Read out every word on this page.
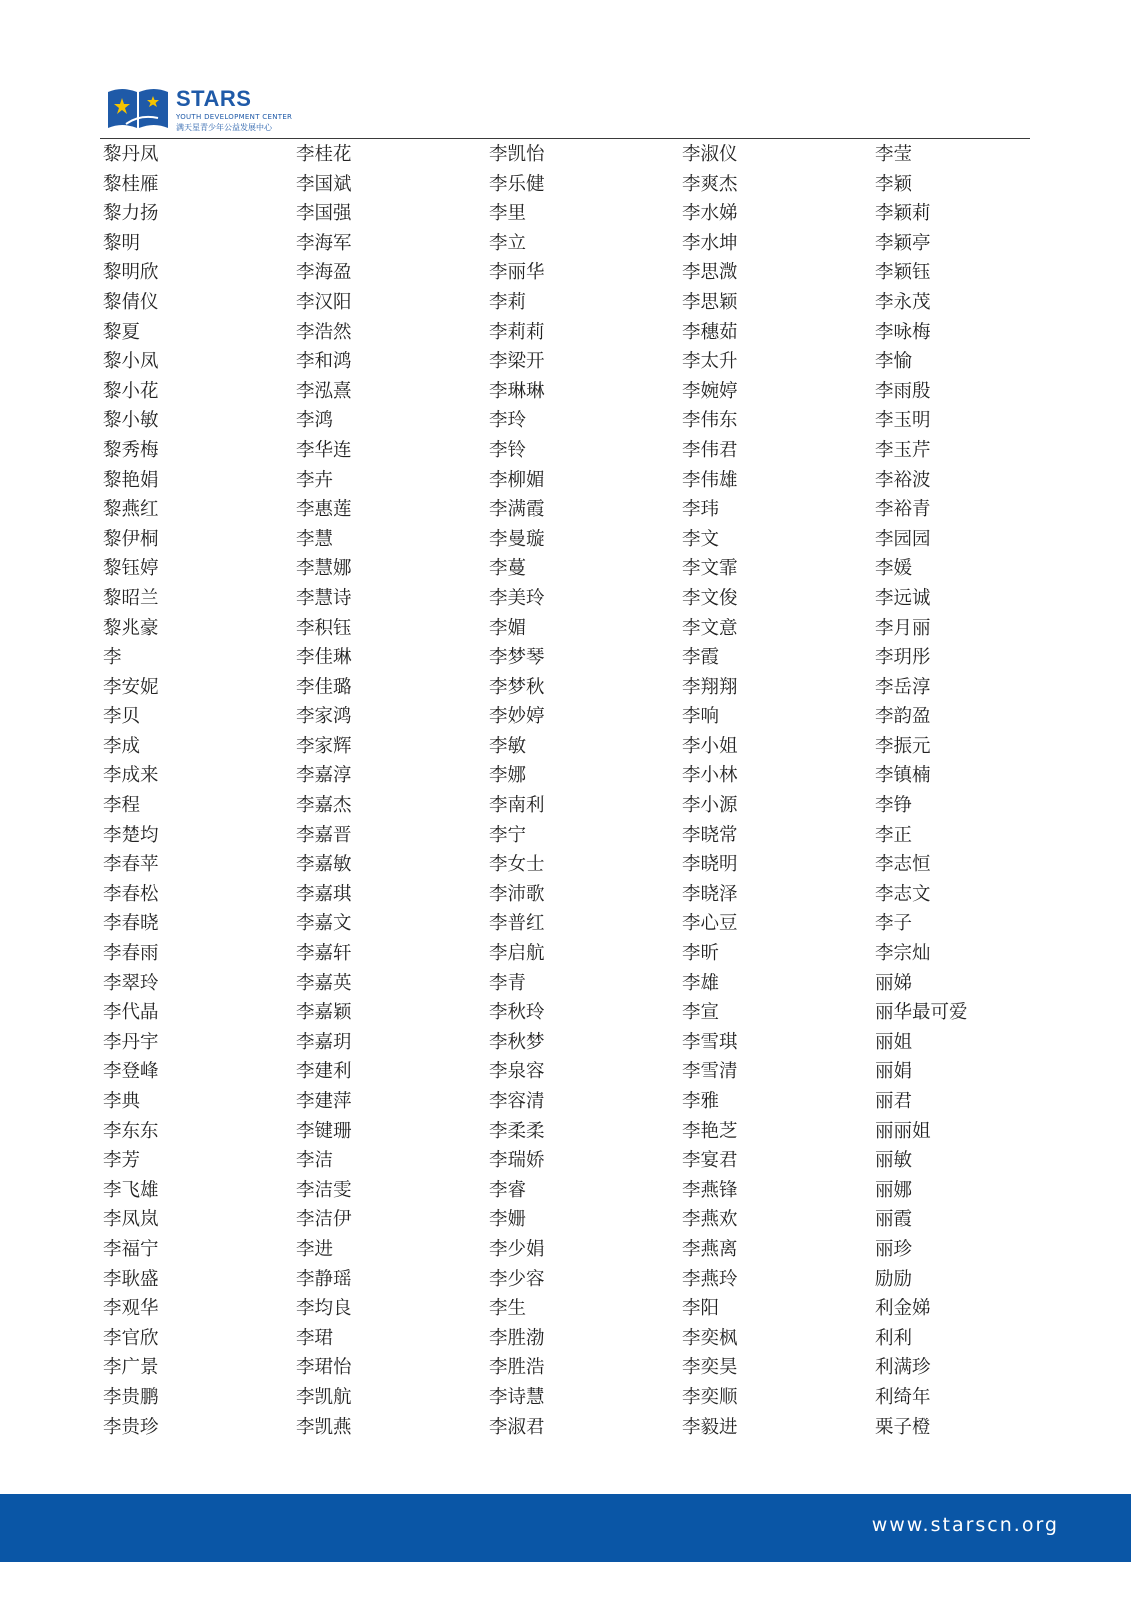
STARS
YOUTH DEVELOPMENT CENTER
满天星青少年公益发展中心
黎丹凤
黎桂雁
黎力扬
黎明
黎明欣
黎倩仪
黎夏
黎小凤
黎小花
黎小敏
黎秀梅
黎艳娟
黎燕红
黎伊桐
黎钰婷
黎昭兰
黎兆豪
李
李安妮
李贝
李成
李成来
李程
李楚均
李春苹
李春松
李春晓
李春雨
李翠玲
李代晶
李丹宇
李登峰
李典
李东东
李芳
李飞雄
李凤岚
李福宁
李耿盛
李观华
李官欣
李广景
李贵鹏
李贵珍
李桂花
李国斌
李国强
李海军
李海盈
李汉阳
李浩然
李和鸿
李泓熹
李鸿
李华连
李卉
李惠莲
李慧
李慧娜
李慧诗
李积钰
李佳琳
李佳璐
李家鸿
李家辉
李嘉淳
李嘉杰
李嘉晋
李嘉敏
李嘉琪
李嘉文
李嘉轩
李嘉英
李嘉颖
李嘉玥
李建利
李建萍
李键珊
李洁
李洁雯
李洁伊
李进
李静瑶
李均良
李珺
李珺怡
李凯航
李凯燕
李凯怡
李乐健
李里
李立
李丽华
李莉
李莉莉
李梁开
李琳琳
李玲
李铃
李柳媚
李满霞
李曼璇
李蔓
李美玲
李媚
李梦琴
李梦秋
李妙婷
李敏
李娜
李南利
李宁
李女士
李沛歌
李普红
李启航
李青
李秋玲
李秋梦
李泉容
李容清
李柔柔
李瑞娇
李睿
李姗
李少娟
李少容
李生
李胜渤
李胜浩
李诗慧
李淑君
李淑仪
李爽杰
李水娣
李水坤
李思溦
李思颖
李穗茹
李太升
李婉婷
李伟东
李伟君
李伟雄
李玮
李文
李文霏
李文俊
李文意
李霞
李翔翔
李响
李小姐
李小林
李小源
李晓常
李晓明
李晓泽
李心豆
李昕
李雄
李宣
李雪琪
李雪清
李雅
李艳芝
李宴君
李燕锋
李燕欢
李燕离
李燕玲
李阳
李奕枫
李奕昊
李奕顺
李毅进
李莹
李颖
李颖莉
李颖亭
李颖钰
李永茂
李咏梅
李愉
李雨殷
李玉明
李玉芹
李裕波
李裕青
李园园
李媛
李远诚
李月丽
李玥彤
李岳淳
李韵盈
李振元
李镇楠
李铮
李正
李志恒
李志文
李子
李宗灿
丽娣
丽华最可爱
丽姐
丽娟
丽君
丽丽姐
丽敏
丽娜
丽霞
丽珍
励励
利金娣
利利
利满珍
利绮年
栗子橙
www.starscn.org
